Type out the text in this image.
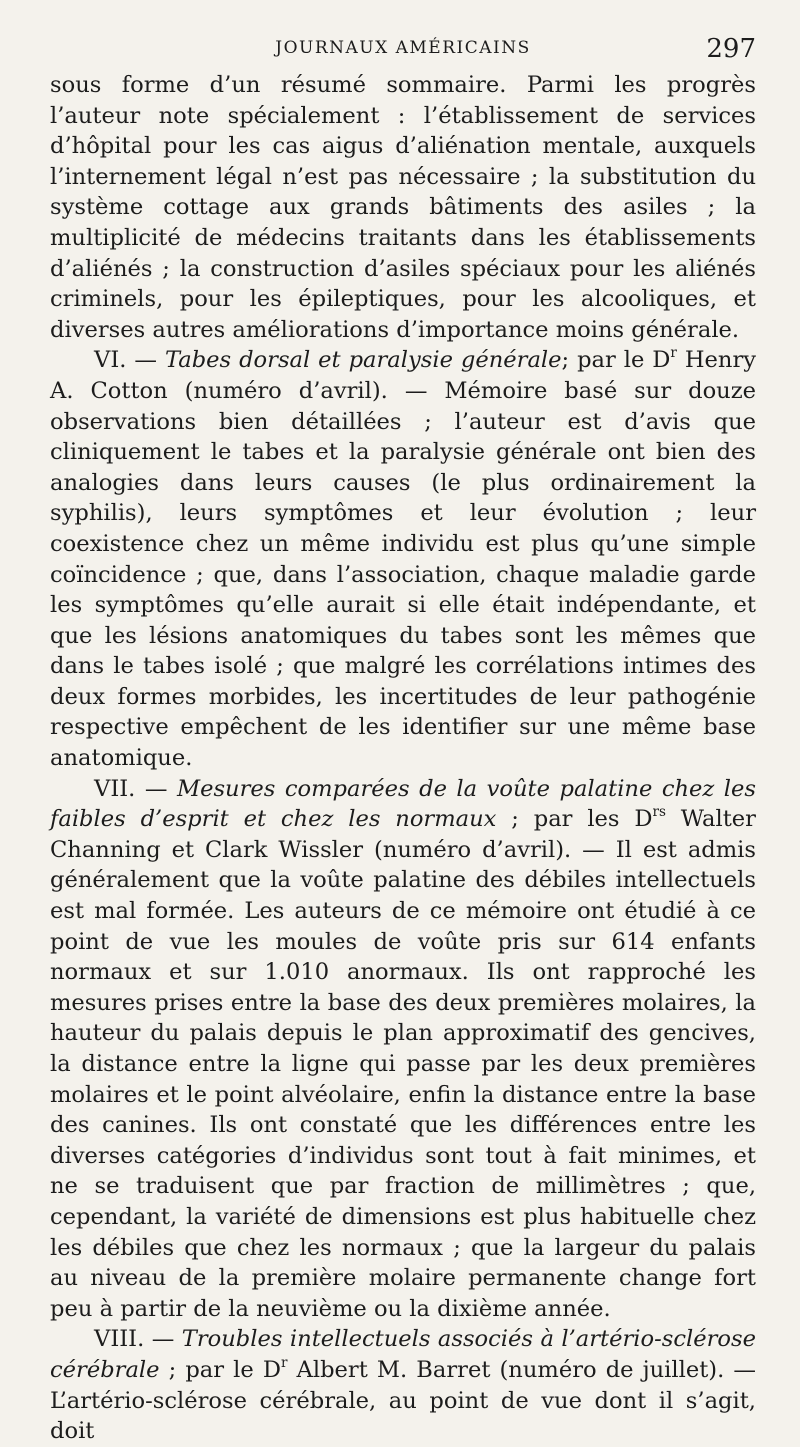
JOURNAUX AMÉRICAINS	297

sous forme d’un résumé sommaire. Parmi les progrès l’auteur note spécialement : l’établissement de services d’hôpital pour les cas aigus d’aliénation mentale, auxquels l’internement légal n’est pas nécessaire ; la substitution du système cottage aux grands bâtiments des asiles ; la multiplicité de médecins traitants dans les établissements d’aliénés ; la construction d’asiles spéciaux pour les aliénés criminels, pour les épileptiques, pour les alcooliques, et diverses autres améliorations d’importance moins générale.

VI. — Tabes dorsal et paralysie générale; par le $D^r$ Henry A. Cotton (numéro d’avril). — Mémoire basé sur douze observations bien détaillées ; l’auteur est d’avis que cliniquement le tabes et la paralysie générale ont bien des analogies dans leurs causes (le plus ordinairement la syphilis), leurs symptômes et leur évolution ; leur coexistence chez un même individu est plus qu’une simple coïncidence ; que, dans l’association, chaque maladie garde les symptômes qu’elle aurait si elle était indépendante, et que les lésions anatomiques du tabes sont les mêmes que dans le tabes isolé ; que malgré les corrélations intimes des deux formes morbides, les incertitudes de leur pathogénie respective empêchent de les identifier sur une même base anatomique.

VII. — Mesures comparées de la voûte palatine chez les faibles d’esprit et chez les normaux ; par les $D^{rs}$ Walter Channing et Clark Wissler (numéro d’avril). — Il est admis généralement que la voûte palatine des débiles intellectuels est mal formée. Les auteurs de ce mémoire ont étudié à ce point de vue les moules de voûte pris sur 614 enfants normaux et sur 1.010 anormaux. Ils ont rapproché les mesures prises entre la base des deux premières molaires, la hauteur du palais depuis le plan approximatif des gencives, la distance entre la ligne qui passe par les deux premières molaires et le point alvéolaire, enfin la distance entre la base des canines. Ils ont constaté que les différences entre les diverses catégories d’individus sont tout à fait minimes, et ne se traduisent que par fraction de millimètres ; que, cependant, la variété de dimensions est plus habituelle chez les débiles que chez les normaux ; que la largeur du palais au niveau de la première molaire permanente change fort peu à partir de la neuvième ou la dixième année.

VIII. — Troubles intellectuels associés à l’artério-sclérose cérébrale ; par le $D^r$ Albert M. Barret (numéro de juillet). — L’artério-sclérose cérébrale, au point de vue dont il s’agit, doit
